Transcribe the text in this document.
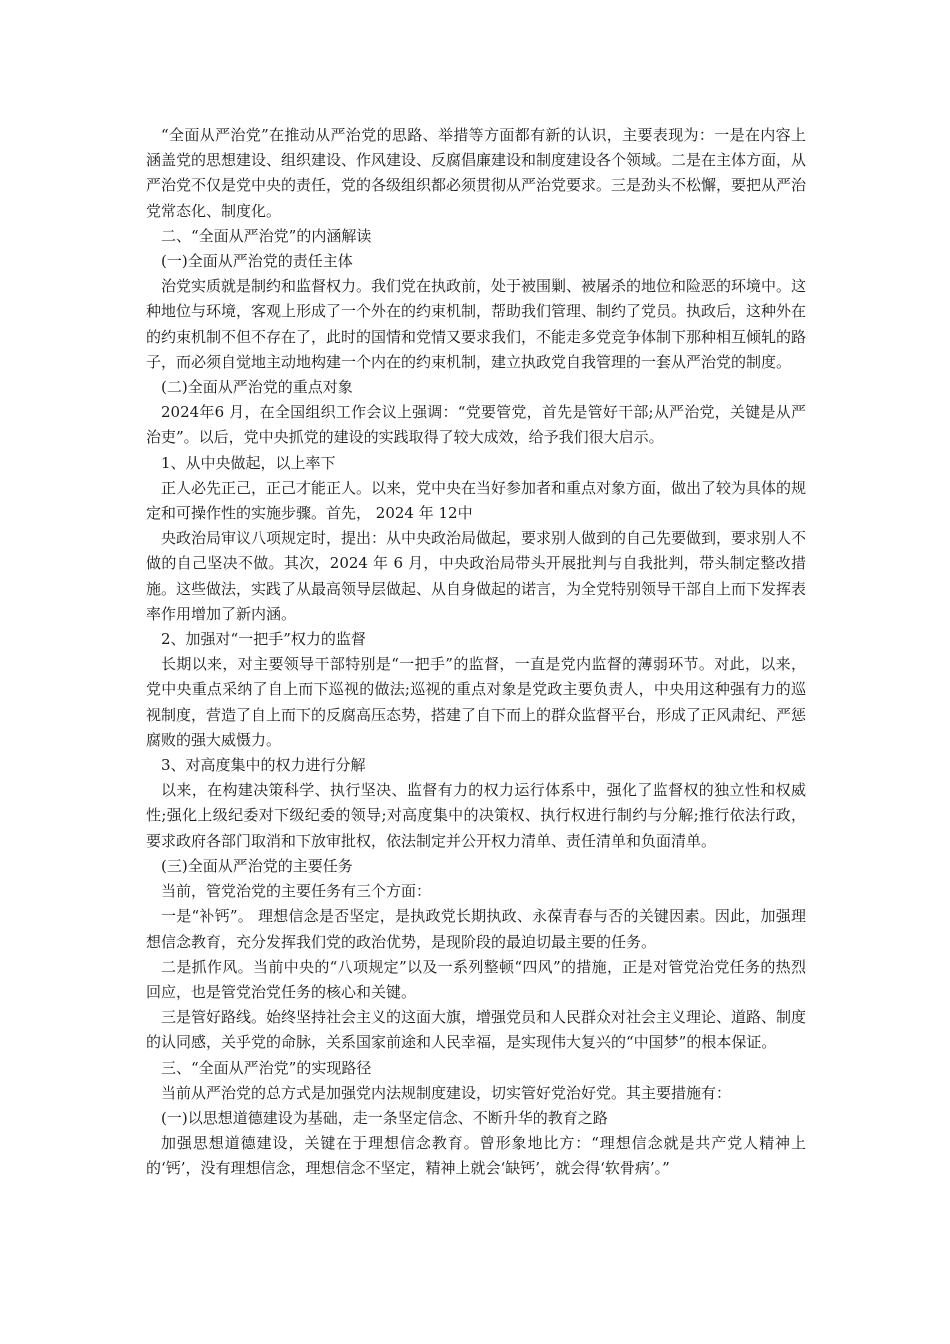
“全面从严治党”在推动从严治党的思路、举措等方面都有新的认识，主要表现为：一是在内容上涵盖党的思想建设、组织建设、作风建设、反腐倡廉建设和制度建设各个领域。二是在主体方面，从严治党不仅是党中央的责任，党的各级组织都必须贯彻从严治党要求。三是劲头不松懈，要把从严治党常态化、制度化。

二、“全面从严治党”的内涵解读

(一)全面从严治党的责任主体

治党实质就是制约和监督权力。我们党在执政前，处于被围剿、被屠杀的地位和险恶的环境中。这种地位与环境，客观上形成了一个外在的约束机制，帮助我们管理、制约了党员。执政后，这种外在的约束机制不但不存在了，此时的国情和党情又要求我们，不能走多党竞争体制下那种相互倾轧的路子，而必须自觉地主动地构建一个内在的约束机制，建立执政党自我管理的一套从严治党的制度。

(二)全面从严治党的重点对象

2024年6 月，在全国组织工作会议上强调：“党要管党，首先是管好干部;从严治党，关键是从严治吏”。以后，党中央抓党的建设的实践取得了较大成效，给予我们很大启示。

1、从中央做起，以上率下

正人必先正己，正己才能正人。以来，党中央在当好参加者和重点对象方面，做出了较为具体的规定和可操作性的实施步骤。首先， 2024 年 12中

央政治局审议八项规定时，提出：从中央政治局做起，要求别人做到的自己先要做到，要求别人不做的自己坚决不做。其次，2024 年 6 月，中央政治局带头开展批判与自我批判，带头制定整改措施。这些做法，实践了从最高领导层做起、从自身做起的诺言，为全党特别领导干部自上而下发挥表率作用增加了新内涵。

2、加强对“一把手”权力的监督

长期以来，对主要领导干部特别是“一把手”的监督，一直是党内监督的薄弱环节。对此，以来，党中央重点采纳了自上而下巡视的做法;巡视的重点对象是党政主要负责人，中央用这种强有力的巡视制度，营造了自上而下的反腐高压态势，搭建了自下而上的群众监督平台，形成了正风肃纪、严惩腐败的强大威慑力。

3、对高度集中的权力进行分解

以来，在构建决策科学、执行坚决、监督有力的权力运行体系中，强化了监督权的独立性和权威性;强化上级纪委对下级纪委的领导;对高度集中的决策权、执行权进行制约与分解;推行依法行政，要求政府各部门取消和下放审批权，依法制定并公开权力清单、责任清单和负面清单。

(三)全面从严治党的主要任务

当前，管党治党的主要任务有三个方面：

一是“补钙”。 理想信念是否坚定，是执政党长期执政、永葆青春与否的关键因素。因此，加强理想信念教育，充分发挥我们党的政治优势，是现阶段的最迫切最主要的任务。

二是抓作风。当前中央的“八项规定”以及一系列整顿“四风”的措施，正是对管党治党任务的热烈回应，也是管党治党任务的核心和关键。

三是管好路线。始终坚持社会主义的这面大旗，增强党员和人民群众对社会主义理论、道路、制度的认同感，关乎党的命脉，关系国家前途和人民幸福，是实现伟大复兴的“中国梦”的根本保证。

三、“全面从严治党”的实现路径

当前从严治党的总方式是加强党内法规制度建设，切实管好党治好党。其主要措施有：

(一)以思想道德建设为基础，走一条坚定信念、不断升华的教育之路

加强思想道德建设，关键在于理想信念教育。曾形象地比方：“理想信念就是共产党人精神上的‘钙’，没有理想信念，理想信念不坚定，精神上就会‘缺钙’，就会得‘软骨病’。”
